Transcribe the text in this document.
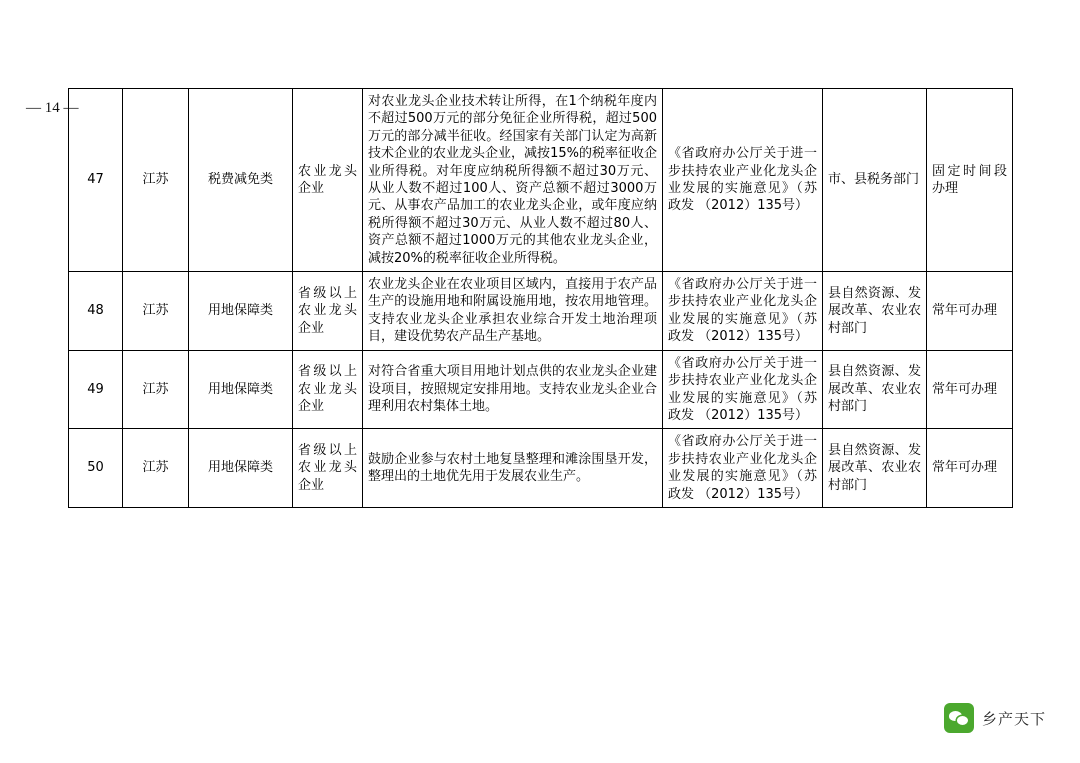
— 14 —
47	江苏	税费减免类	农业龙头企业	对农业龙头企业技术转让所得，在1个纳税年度内不超过500万元的部分免征企业所得税，超过500万元的部分减半征收。经国家有关部门认定为高新技术企业的农业龙头企业，减按15%的税率征收企业所得税。对年度应纳税所得额不超过30万元、从业人数不超过100人、资产总额不超过3000万元、从事农产品加工的农业龙头企业，或年度应纳税所得额不超过30万元、从业人数不超过80人、资产总额不超过1000万元的其他农业龙头企业，减按20%的税率征收企业所得税。	《省政府办公厅关于进一步扶持农业产业化龙头企业发展的实施意见》（苏政发 （2012）135号）	市、县税务部门	固定时间段办理
48	江苏	用地保障类	省级以上农业龙头企业	农业龙头企业在农业项目区域内，直接用于农产品生产的设施用地和附属设施用地，按农用地管理。支持农业龙头企业承担农业综合开发土地治理项目，建设优势农产品生产基地。	《省政府办公厅关于进一步扶持农业产业化龙头企业发展的实施意见》（苏政发 （2012）135号）	县自然资源、发展改革、农业农村部门	常年可办理
49	江苏	用地保障类	省级以上农业龙头企业	对符合省重大项目用地计划点供的农业龙头企业建设项目，按照规定安排用地。支持农业龙头企业合理利用农村集体土地。	《省政府办公厅关于进一步扶持农业产业化龙头企业发展的实施意见》（苏政发 （2012）135号）	县自然资源、发展改革、农业农村部门	常年可办理
50	江苏	用地保障类	省级以上农业龙头企业	鼓励企业参与农村土地复垦整理和滩涂围垦开发，整理出的土地优先用于发展农业生产。	《省政府办公厅关于进一步扶持农业产业化龙头企业发展的实施意见》（苏政发 （2012）135号）	县自然资源、发展改革、农业农村部门	常年可办理
乡产天下
